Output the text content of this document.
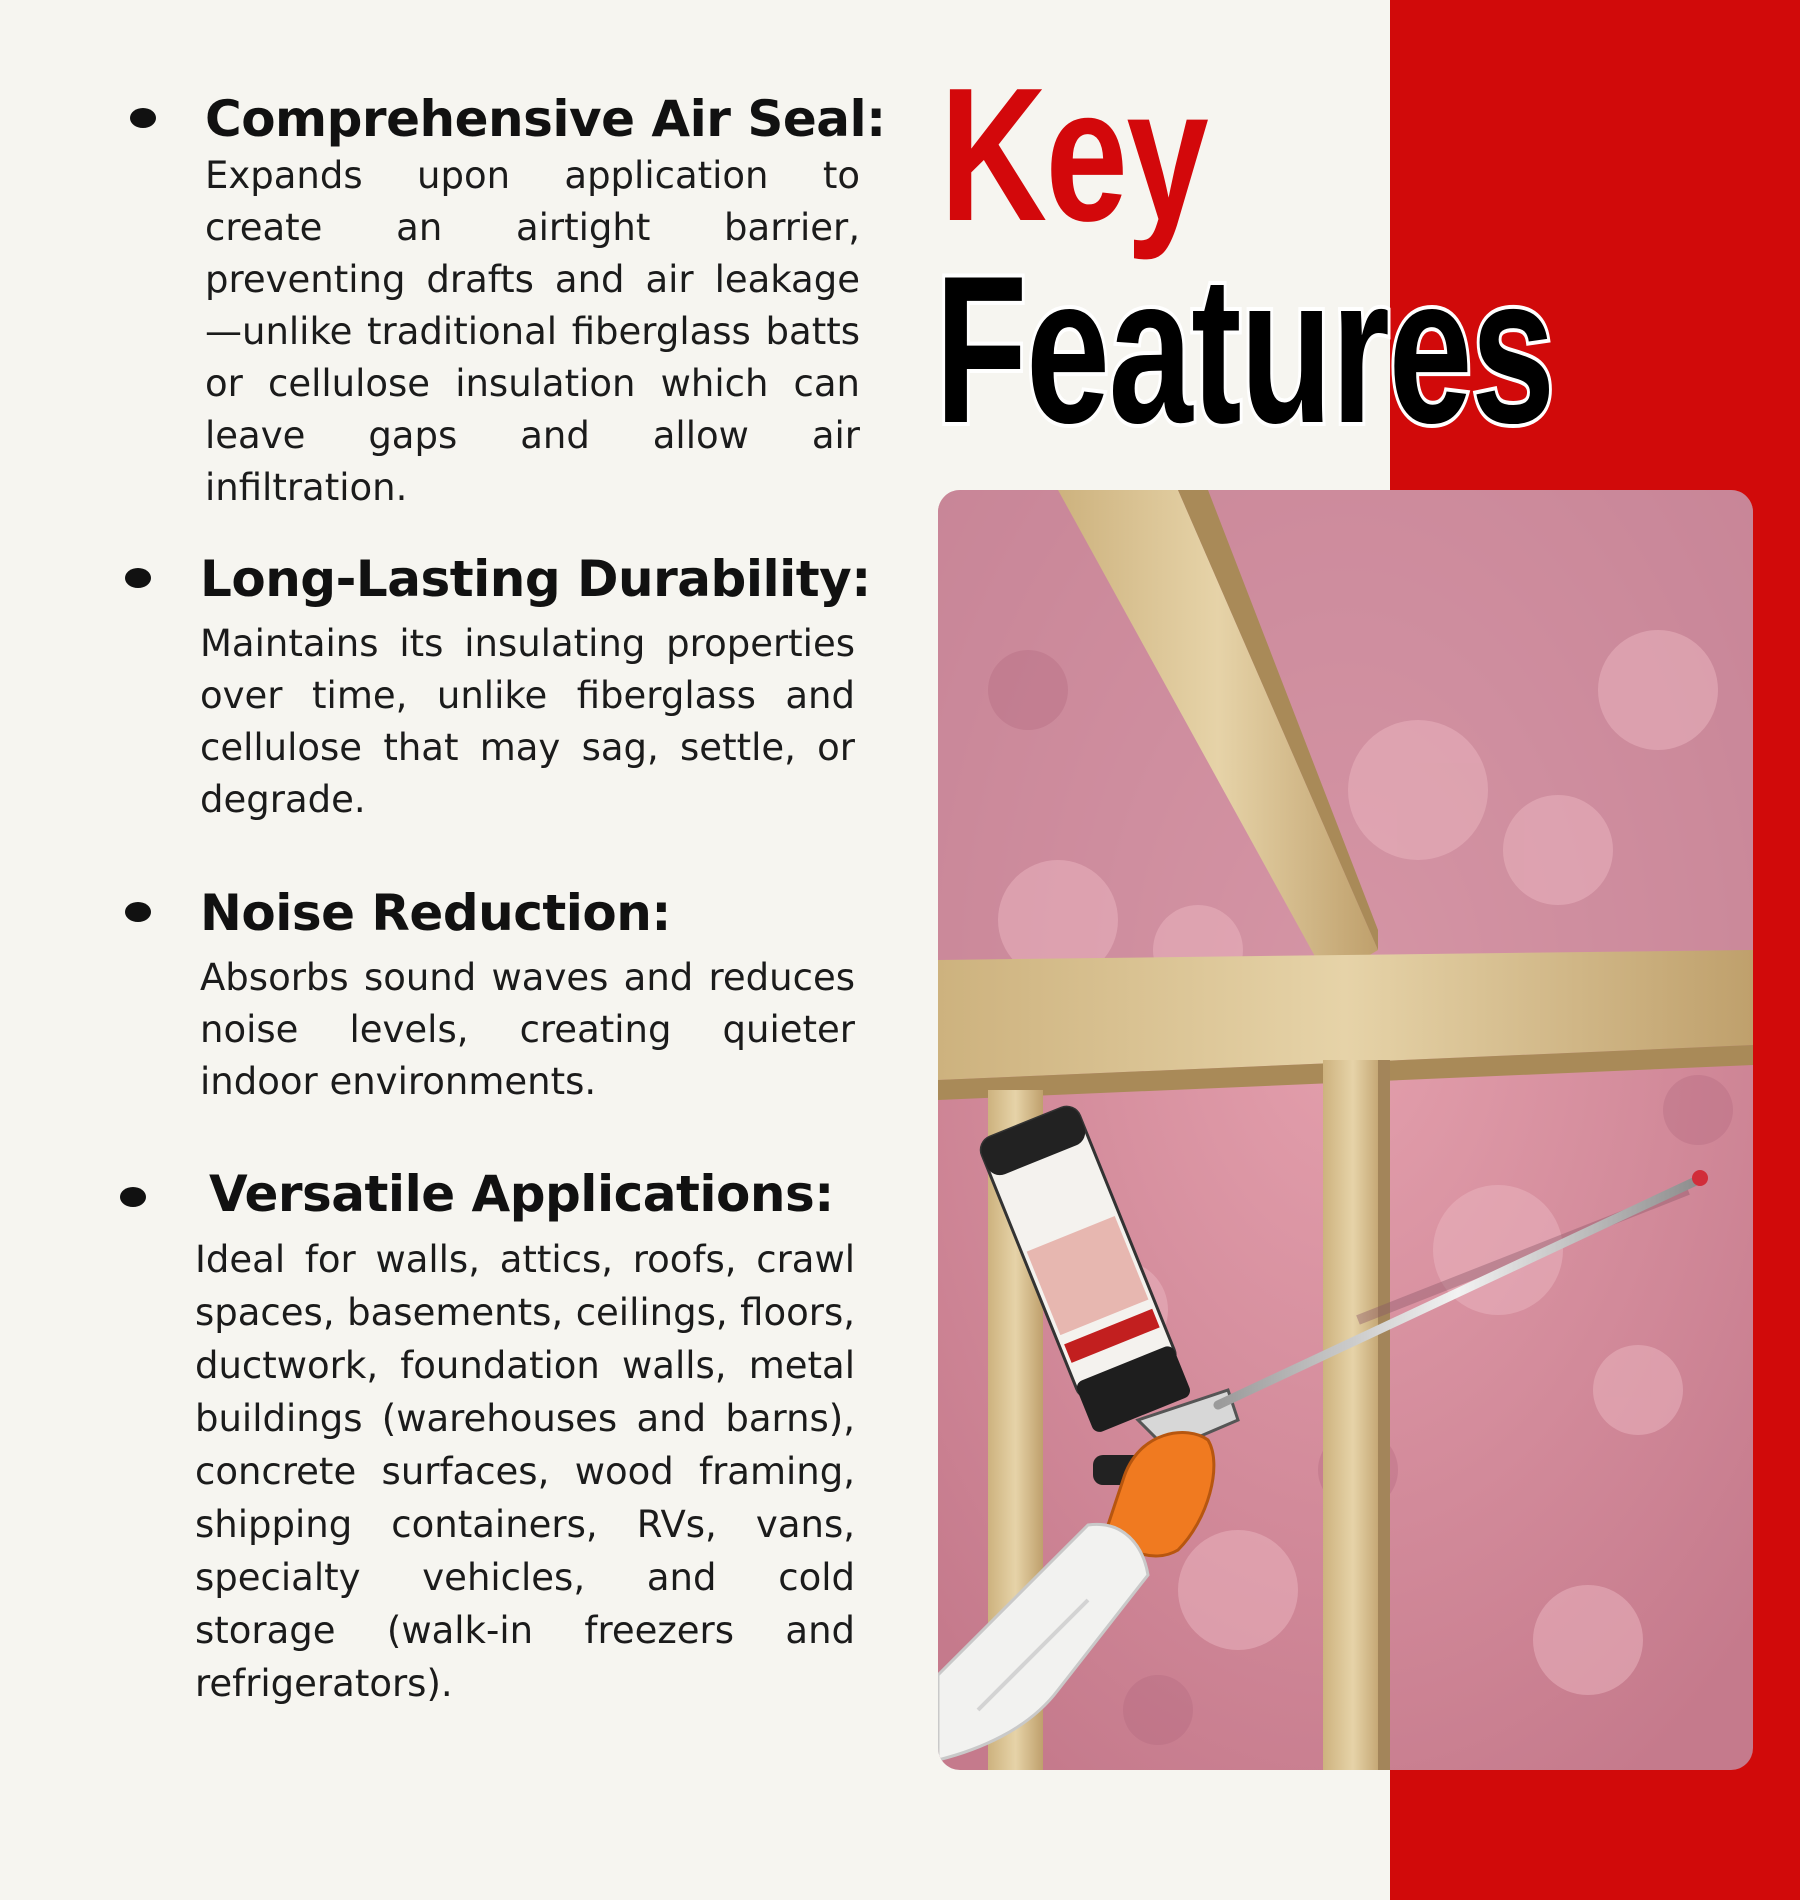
Key
Features
Comprehensive Air Seal:

Expands upon application to create an airtight barrier, preventing drafts and air leakage —unlike traditional fiberglass batts or cellulose insulation which can leave gaps and allow air infiltration.

Long-Lasting Durability:

Maintains its insulating properties over time, unlike fiberglass and cellulose that may sag, settle, or degrade.

Noise Reduction:

Absorbs sound waves and reduces noise levels, creating quieter indoor environments.

Versatile Applications:

Ideal for walls, attics, roofs, crawl spaces, basements, ceilings, floors, ductwork, foundation walls, metal buildings (warehouses and barns), concrete surfaces, wood framing, shipping containers, RVs, vans, specialty vehicles, and cold storage (walk-in freezers and refrigerators).
